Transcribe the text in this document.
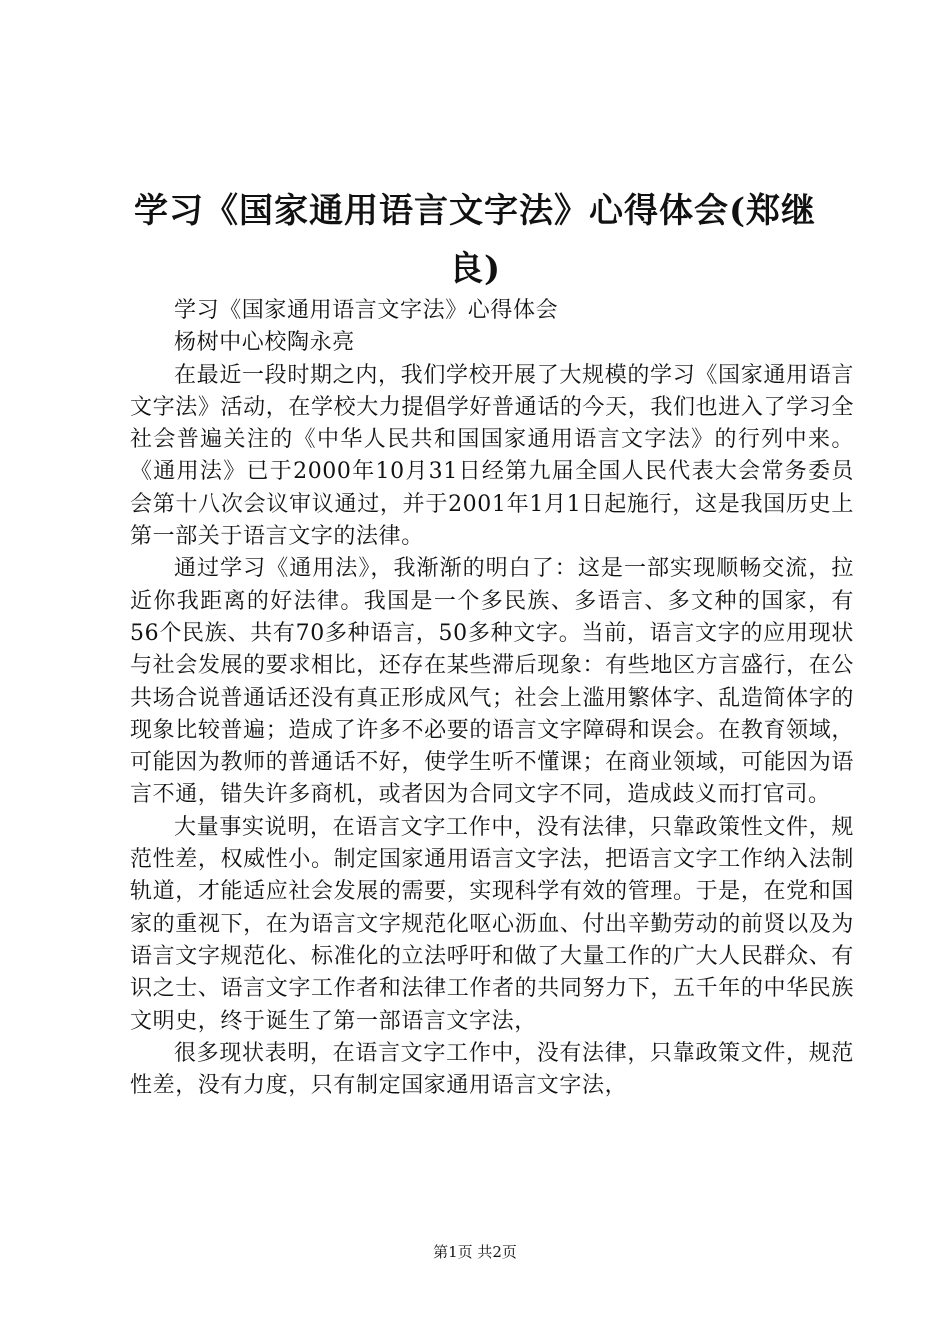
学习《国家通用语言文字法》心得体会(郑继良)

学习《国家通用语言文字法》心得体会

杨树中心校陶永亮

在最近一段时期之内，我们学校开展了大规模的学习《国家通用语言文字法》活动，在学校大力提倡学好普通话的今天，我们也进入了学习全社会普遍关注的《中华人民共和国国家通用语言文字法》的行列中来。《通用法》已于2000年10月31日经第九届全国人民代表大会常务委员会第十八次会议审议通过，并于2001年1月1日起施行，这是我国历史上第一部关于语言文字的法律。

通过学习《通用法》，我渐渐的明白了：这是一部实现顺畅交流，拉近你我距离的好法律。我国是一个多民族、多语言、多文种的国家，有56个民族、共有70多种语言，50多种文字。当前，语言文字的应用现状与社会发展的要求相比，还存在某些滞后现象：有些地区方言盛行，在公共场合说普通话还没有真正形成风气；社会上滥用繁体字、乱造简体字的现象比较普遍；造成了许多不必要的语言文字障碍和误会。在教育领域，可能因为教师的普通话不好，使学生听不懂课；在商业领域，可能因为语言不通，错失许多商机，或者因为合同文字不同，造成歧义而打官司。

大量事实说明，在语言文字工作中，没有法律，只靠政策性文件，规范性差，权威性小。制定国家通用语言文字法，把语言文字工作纳入法制轨道，才能适应社会发展的需要，实现科学有效的管理。于是，在党和国家的重视下，在为语言文字规范化呕心沥血、付出辛勤劳动的前贤以及为语言文字规范化、标准化的立法呼吁和做了大量工作的广大人民群众、有识之士、语言文字工作者和法律工作者的共同努力下，五千年的中华民族文明史，终于诞生了第一部语言文字法，

很多现状表明，在语言文字工作中，没有法律，只靠政策文件，规范性差，没有力度，只有制定国家通用语言文字法，

第1页 共2页
